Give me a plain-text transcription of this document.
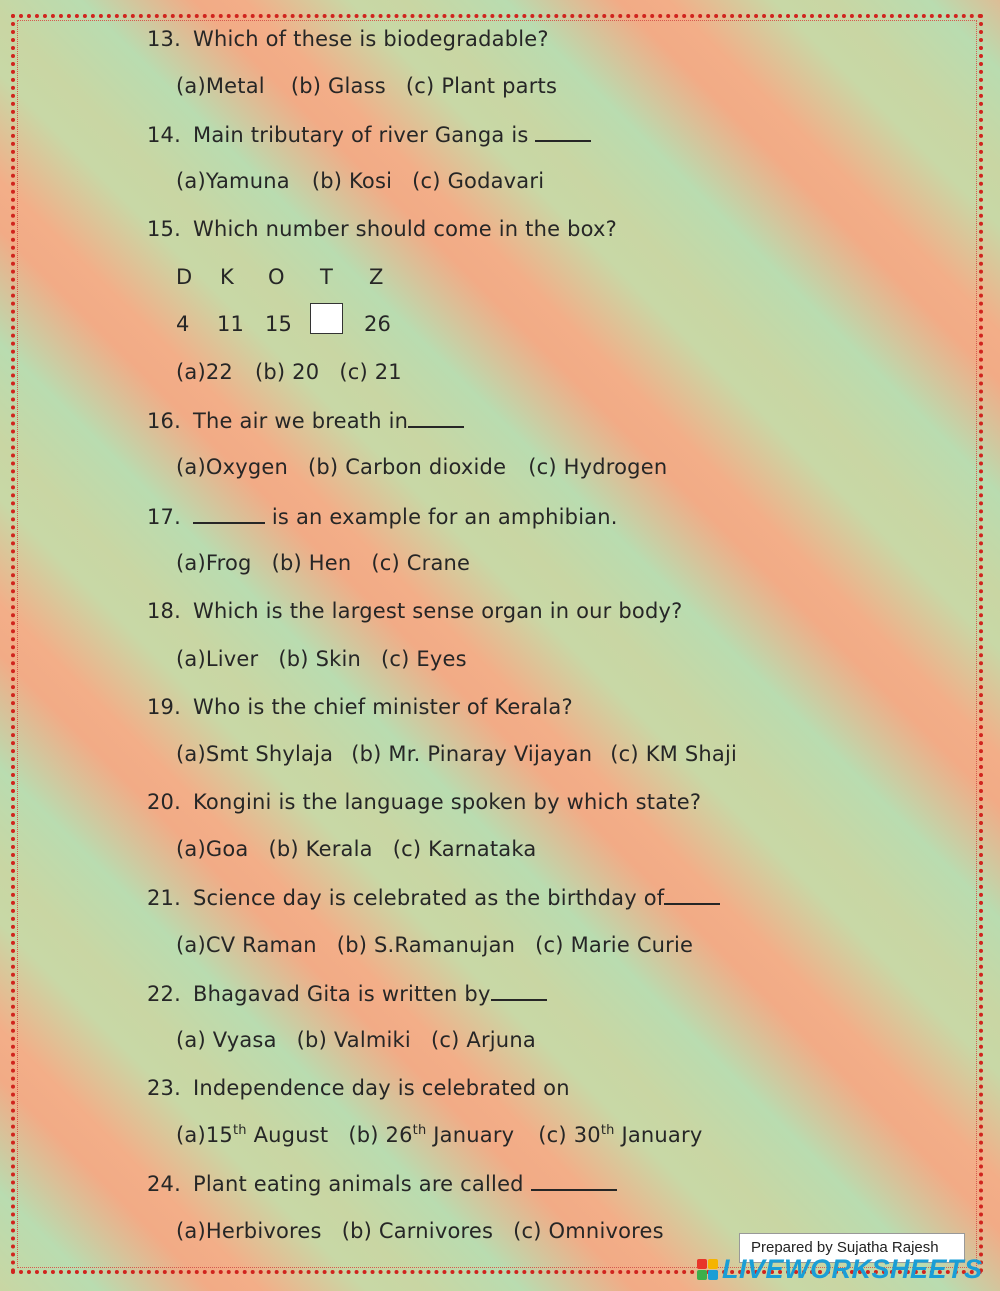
13. Which of these is biodegradable?
(a)Metal (b) Glass (c) Plant parts
14. Main tributary of river Ganga is
(a)Yamuna (b) Kosi (c) Godavari
15. Which number should come in the box?
D K O T Z
4 11 15	26
(a)22 (b) 20 (c) 21
16. The air we breath in
(a)Oxygen (b) Carbon dioxide (c) Hydrogen
17.	is an example for an amphibian.
(a)Frog (b) Hen (c) Crane
18. Which is the largest sense organ in our body?
(a)Liver (b) Skin (c) Eyes
19. Who is the chief minister of Kerala?
(a)Smt Shylaja (b) Mr. Pinaray Vijayan (c) KM Shaji
20. Kongini is the language spoken by which state?
(a)Goa (b) Kerala (c) Karnataka
21. Science day is celebrated as the birthday of
(a)CV Raman (b) S.Ramanujan (c) Marie Curie
22. Bhagavad Gita is written by
(a) Vyasa (b) Valmiki (c) Arjuna
23. Independence day is celebrated on
(a)15th August (b) 26th January (c) 30th January
24. Plant eating animals are called
(a)Herbivores (b) Carnivores (c) Omnivores
Prepared by Sujatha Rajesh
LIVEWORKSHEETS
